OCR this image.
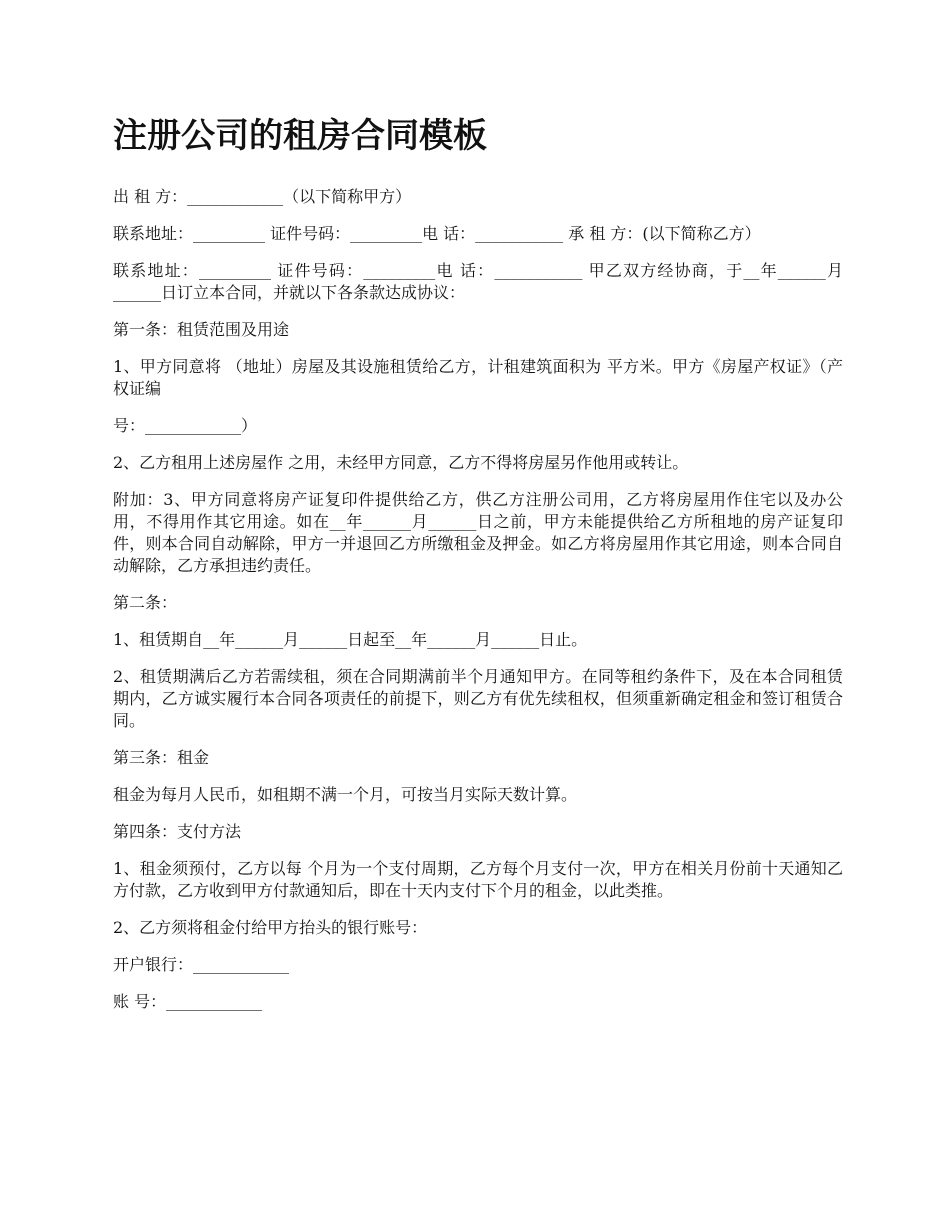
注册公司的租房合同模板

出 租 方：____________（以下简称甲方）

联系地址：_________ 证件号码：_________电 话：___________ 承 租 方：(以下简称乙方）

联系地址：_________ 证件号码：_________电 话：___________ 甲乙双方经协商，于__年______月______日订立本合同，并就以下各条款达成协议：

第一条：租赁范围及用途

1、甲方同意将 （地址）房屋及其设施租赁给乙方，计租建筑面积为 平方米。甲方《房屋产权证》（产权证编

号：____________）

2、乙方租用上述房屋作 之用，未经甲方同意，乙方不得将房屋另作他用或转让。

附加：3、甲方同意将房产证复印件提供给乙方，供乙方注册公司用，乙方将房屋用作住宅以及办公用，不得用作其它用途。如在__年______月______日之前，甲方未能提供给乙方所租地的房产证复印件，则本合同自动解除，甲方一并退回乙方所缴租金及押金。如乙方将房屋用作其它用途，则本合同自动解除，乙方承担违约责任。

第二条：

1、租赁期自__年______月______日起至__年______月______日止。

2、租赁期满后乙方若需续租，须在合同期满前半个月通知甲方。在同等租约条件下，及在本合同租赁期内，乙方诚实履行本合同各项责任的前提下，则乙方有优先续租权，但须重新确定租金和签订租赁合同。

第三条：租金

租金为每月人民币，如租期不满一个月，可按当月实际天数计算。

第四条：支付方法

1、租金须预付，乙方以每 个月为一个支付周期，乙方每个月支付一次，甲方在相关月份前十天通知乙方付款，乙方收到甲方付款通知后，即在十天内支付下个月的租金，以此类推。

2、乙方须将租金付给甲方抬头的银行账号：

开户银行：____________

账 号：____________
